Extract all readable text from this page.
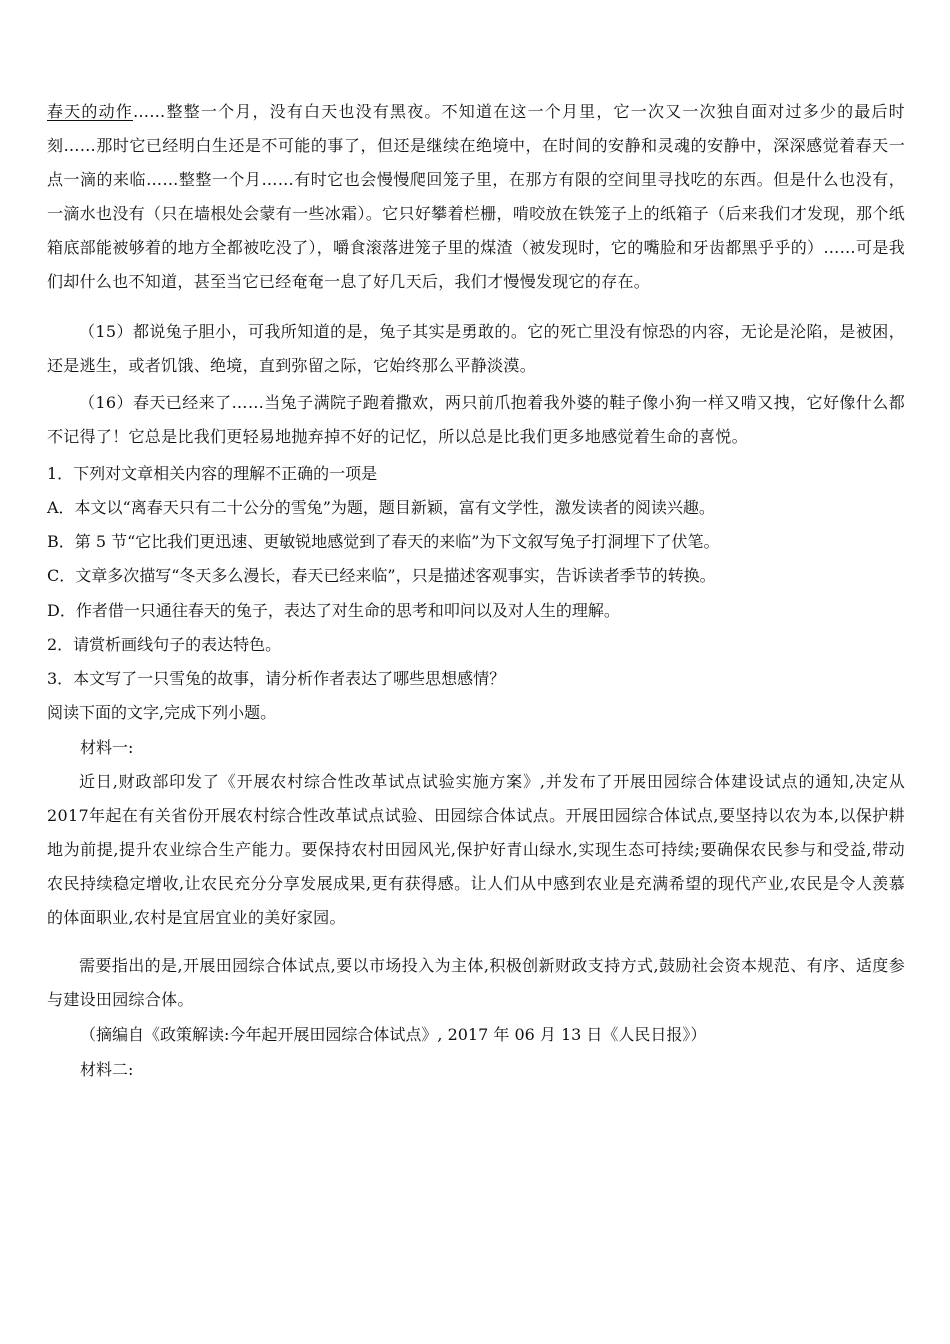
春天的动作……整整一个月，没有白天也没有黑夜。不知道在这一个月里，它一次又一次独自面对过多少的最后时刻……那时它已经明白生还是不可能的事了，但还是继续在绝境中，在时间的安静和灵魂的安静中，深深感觉着春天一点一滴的来临……整整一个月……有时它也会慢慢爬回笼子里，在那方有限的空间里寻找吃的东西。但是什么也没有，一滴水也没有（只在墙根处会蒙有一些冰霜）。它只好攀着栏栅，啃咬放在铁笼子上的纸箱子（后来我们才发现，那个纸箱底部能被够着的地方全都被吃没了），嚼食滚落进笼子里的煤渣（被发现时，它的嘴脸和牙齿都黑乎乎的）……可是我们却什么也不知道，甚至当它已经奄奄一息了好几天后，我们才慢慢发现它的存在。

（15）都说兔子胆小，可我所知道的是，兔子其实是勇敢的。它的死亡里没有惊恐的内容，无论是沦陷，是被困，还是逃生，或者饥饿、绝境，直到弥留之际，它始终那么平静淡漠。

（16）春天已经来了……当兔子满院子跑着撒欢，两只前爪抱着我外婆的鞋子像小狗一样又啃又拽，它好像什么都不记得了！它总是比我们更轻易地抛弃掉不好的记忆，所以总是比我们更多地感觉着生命的喜悦。

1．下列对文章相关内容的理解不正确的一项是

A．本文以“离春天只有二十公分的雪兔”为题，题目新颖，富有文学性，激发读者的阅读兴趣。

B．第 5 节“它比我们更迅速、更敏锐地感觉到了春天的来临”为下文叙写兔子打洞埋下了伏笔。

C．文章多次描写“冬天多么漫长，春天已经来临”，只是描述客观事实，告诉读者季节的转换。

D．作者借一只通往春天的兔子，表达了对生命的思考和叩问以及对人生的理解。

2．请赏析画线句子的表达特色。

3．本文写了一只雪兔的故事，请分析作者表达了哪些思想感情？

阅读下面的文字,完成下列小题。

材料一:

近日,财政部印发了《开展农村综合性改革试点试验实施方案》,并发布了开展田园综合体建设试点的通知,决定从2017年起在有关省份开展农村综合性改革试点试验、田园综合体试点。开展田园综合体试点,要坚持以农为本,以保护耕地为前提,提升农业综合生产能力。要保持农村田园风光,保护好青山绿水,实现生态可持续;要确保农民参与和受益,带动农民持续稳定增收,让农民充分分享发展成果,更有获得感。让人们从中感到农业是充满希望的现代产业,农民是令人羡慕的体面职业,农村是宜居宜业的美好家园。

需要指出的是,开展田园综合体试点,要以市场投入为主体,积极创新财政支持方式,鼓励社会资本规范、有序、适度参与建设田园综合体。

（摘编自《政策解读:今年起开展田园综合体试点》, 2017 年 06 月 13 日《人民日报》）

材料二:
